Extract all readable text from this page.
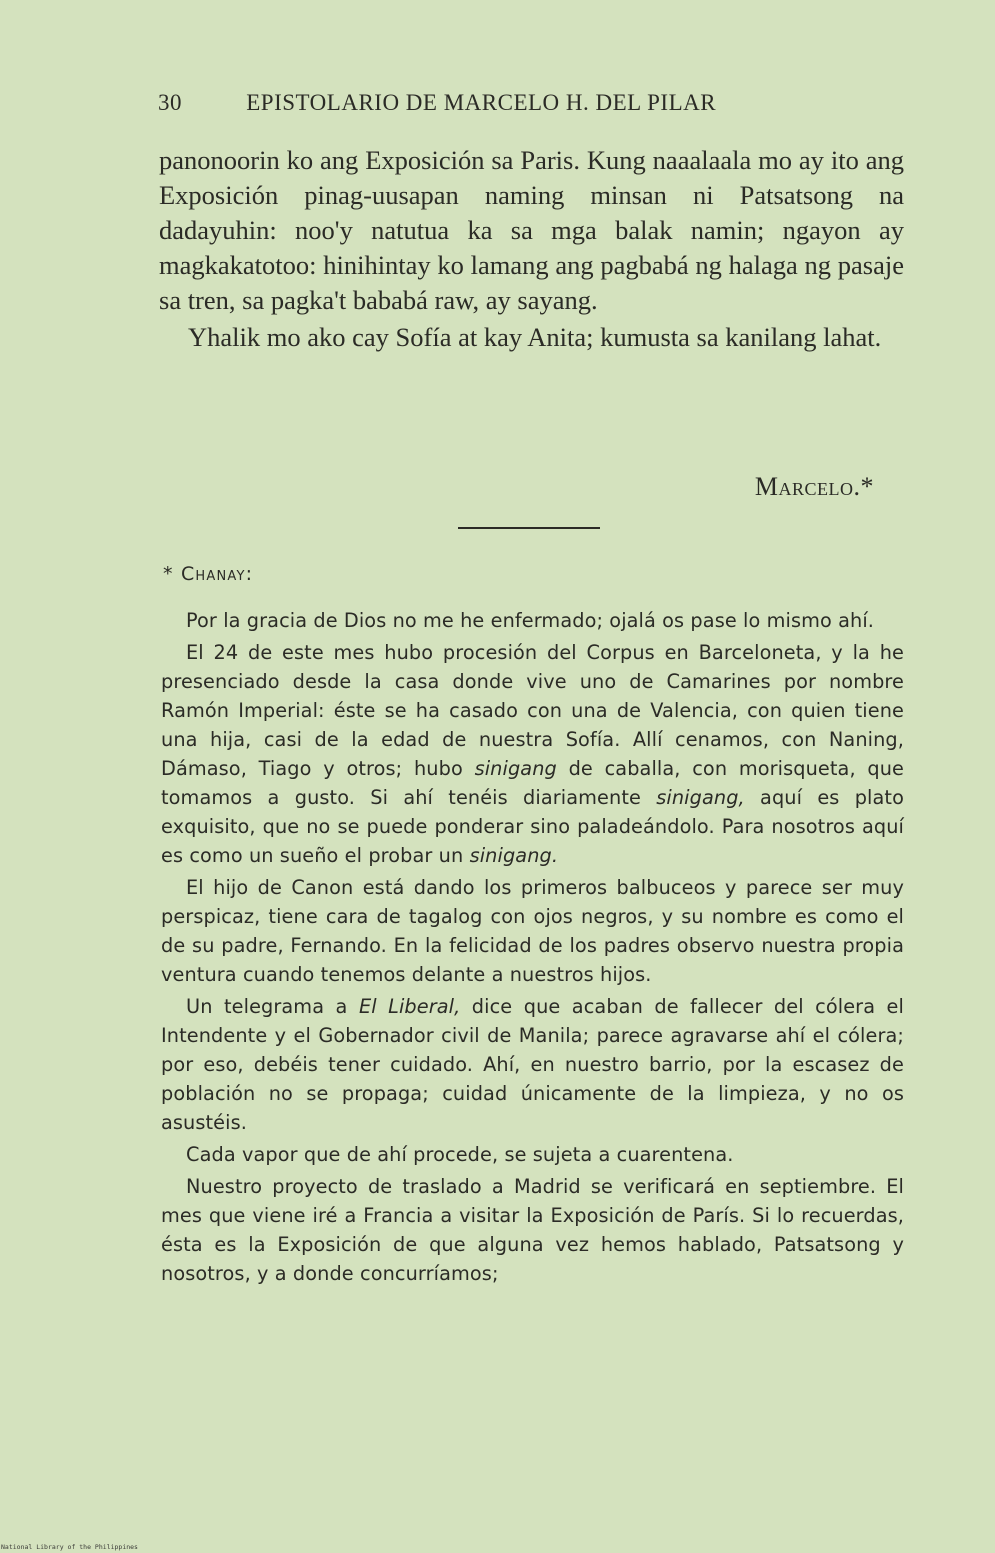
30	EPISTOLARIO DE MARCELO H. DEL PILAR

panonoorin ko ang Exposición sa Paris. Kung naaalaala mo ay ito ang Exposición pinag-uusapan naming minsan ni Patsatsong na dadayuhin: noo'y natutua ka sa mga balak namin; ngayon ay magkakatotoo: hinihintay ko lamang ang pagbabá ng halaga ng pasaje sa tren, sa pagka't bababá raw, ay sayang.

Yhalik mo ako cay Sofía at kay Anita; kumusta sa kanilang lahat.

Marcelo.*
* Chanay:

Por la gracia de Dios no me he enfermado; ojalá os pase lo mismo ahí.

El 24 de este mes hubo procesión del Corpus en Barceloneta, y la he presenciado desde la casa donde vive uno de Camarines por nombre Ramón Imperial: éste se ha casado con una de Valencia, con quien tiene una hija, casi de la edad de nuestra Sofía. Allí cenamos, con Naning, Dámaso, Tiago y otros; hubo sinigang de caballa, con morisqueta, que tomamos a gusto. Si ahí tenéis diariamente sinigang, aquí es plato exquisito, que no se puede ponderar sino paladeándolo. Para nosotros aquí es como un sueño el probar un sinigang.

El hijo de Canon está dando los primeros balbuceos y parece ser muy perspicaz, tiene cara de tagalog con ojos negros, y su nombre es como el de su padre, Fernando. En la felicidad de los padres observo nuestra propia ventura cuando tenemos delante a nuestros hijos.

Un telegrama a El Liberal, dice que acaban de fallecer del cólera el Intendente y el Gobernador civil de Manila; parece agravarse ahí el cólera; por eso, debéis tener cuidado. Ahí, en nuestro barrio, por la escasez de población no se propaga; cuidad únicamente de la limpieza, y no os asustéis.

Cada vapor que de ahí procede, se sujeta a cuarentena.

Nuestro proyecto de traslado a Madrid se verificará en septiembre. El mes que viene iré a Francia a visitar la Exposición de París. Si lo recuerdas, ésta es la Exposición de que alguna vez hemos hablado, Patsatsong y nosotros, y a donde concurríamos;

National Library of the Philippines
